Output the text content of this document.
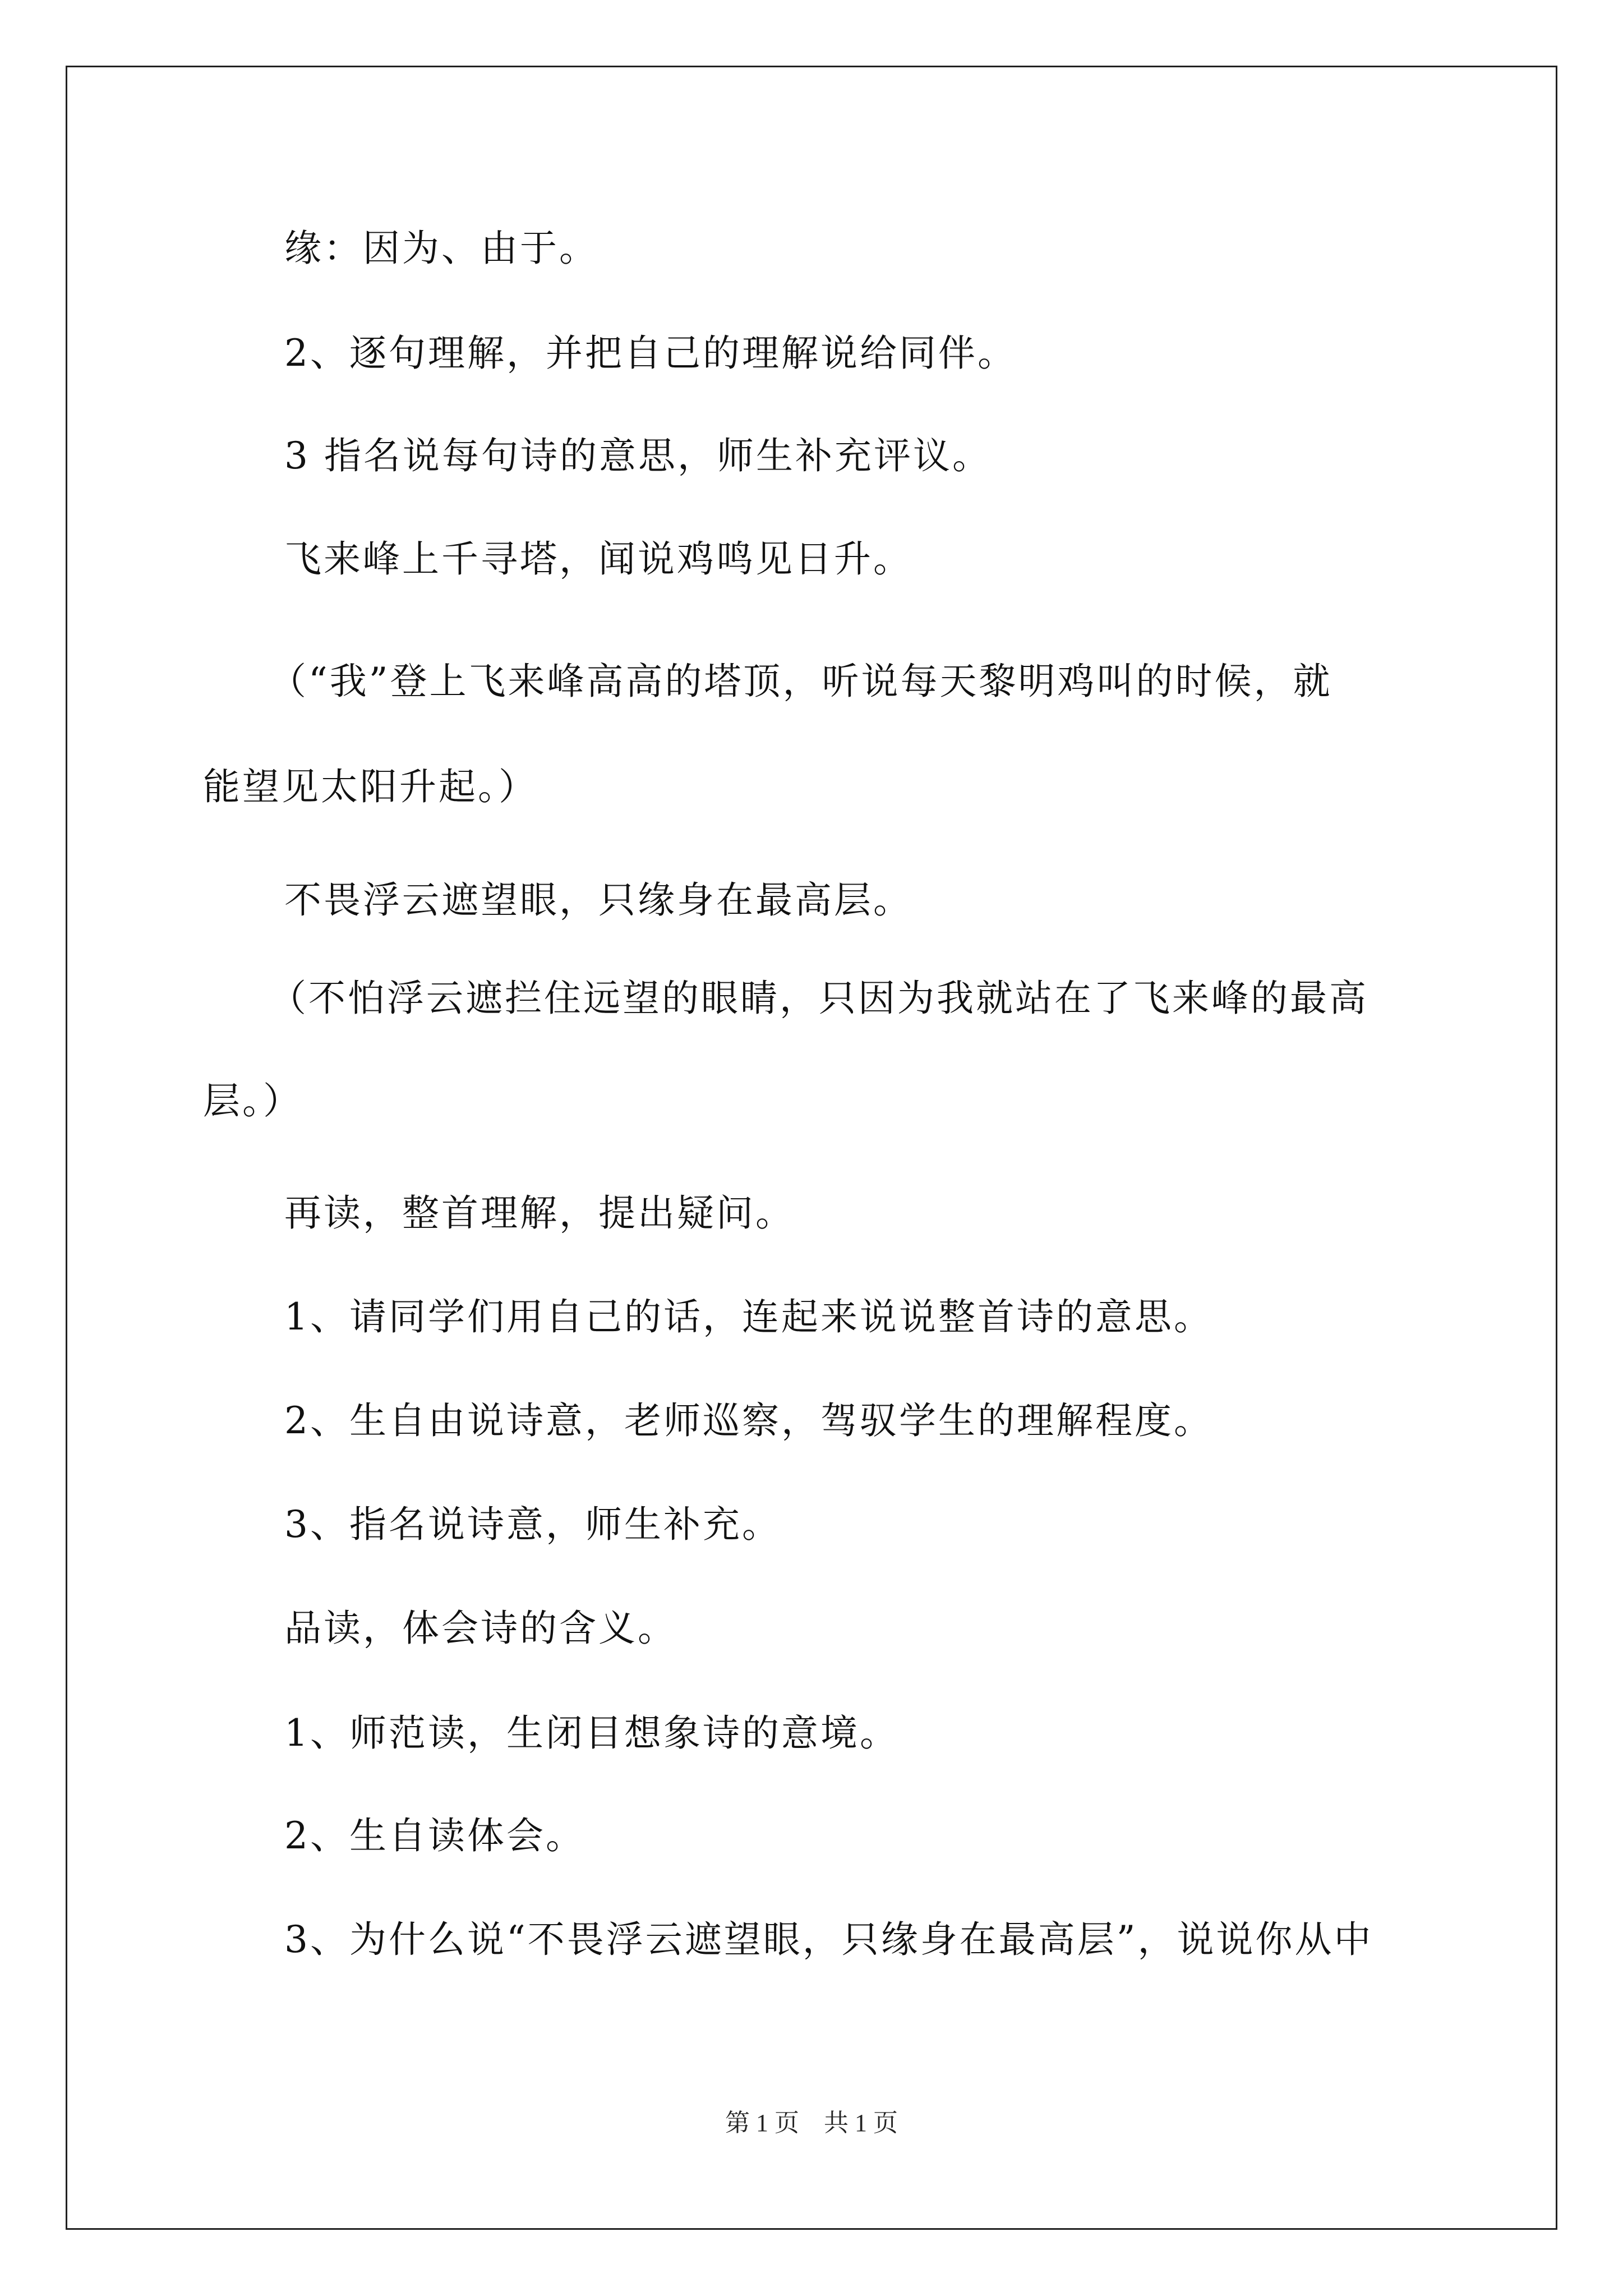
缘：因为、由于。
2、逐句理解，并把自己的理解说给同伴。
3 指名说每句诗的意思，师生补充评议。
飞来峰上千寻塔，闻说鸡鸣见日升。
（“我”登上飞来峰高高的塔顶，听说每天黎明鸡叫的时候，就
能望见太阳升起。）
不畏浮云遮望眼，只缘身在最高层。
（不怕浮云遮拦住远望的眼睛，只因为我就站在了飞来峰的最高
层。）
再读，整首理解，提出疑问。
1、请同学们用自己的话，连起来说说整首诗的意思。
2、生自由说诗意，老师巡察，驾驭学生的理解程度。
3、指名说诗意，师生补充。
品读，体会诗的含义。
1、师范读，生闭目想象诗的意境。
2、生自读体会。
3、为什么说“不畏浮云遮望眼，只缘身在最高层”，说说你从中
第 1 页　共 1 页
